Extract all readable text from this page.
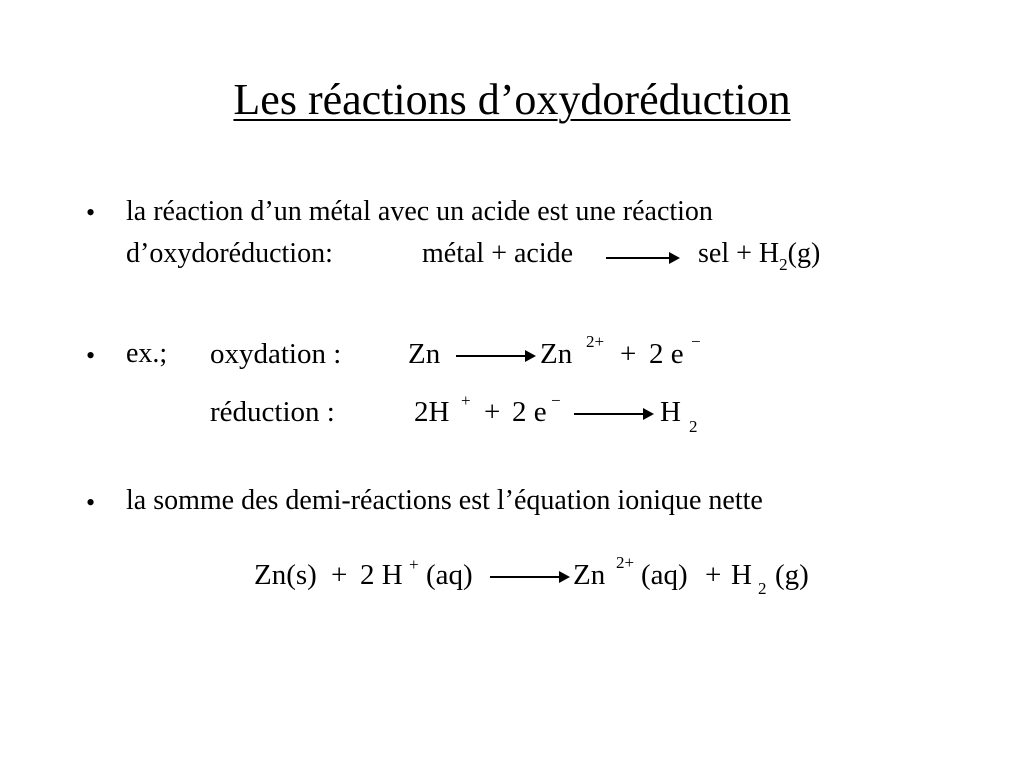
Les réactions d’oxydoréduction
• la réaction d’un métal avec un acide est une réaction
d’oxydoréduction:	métal + acide	sel + $H_2(g)$
• ex.; oxydation : Zn	Zn 2+ + 2 e −
réduction :	2H + + 2 e −	H 2
• la somme des demi-réactions est l’équation ionique nette
Zn(s) + 2 H + (aq)	Zn 2+ (aq) + H 2 (g)
